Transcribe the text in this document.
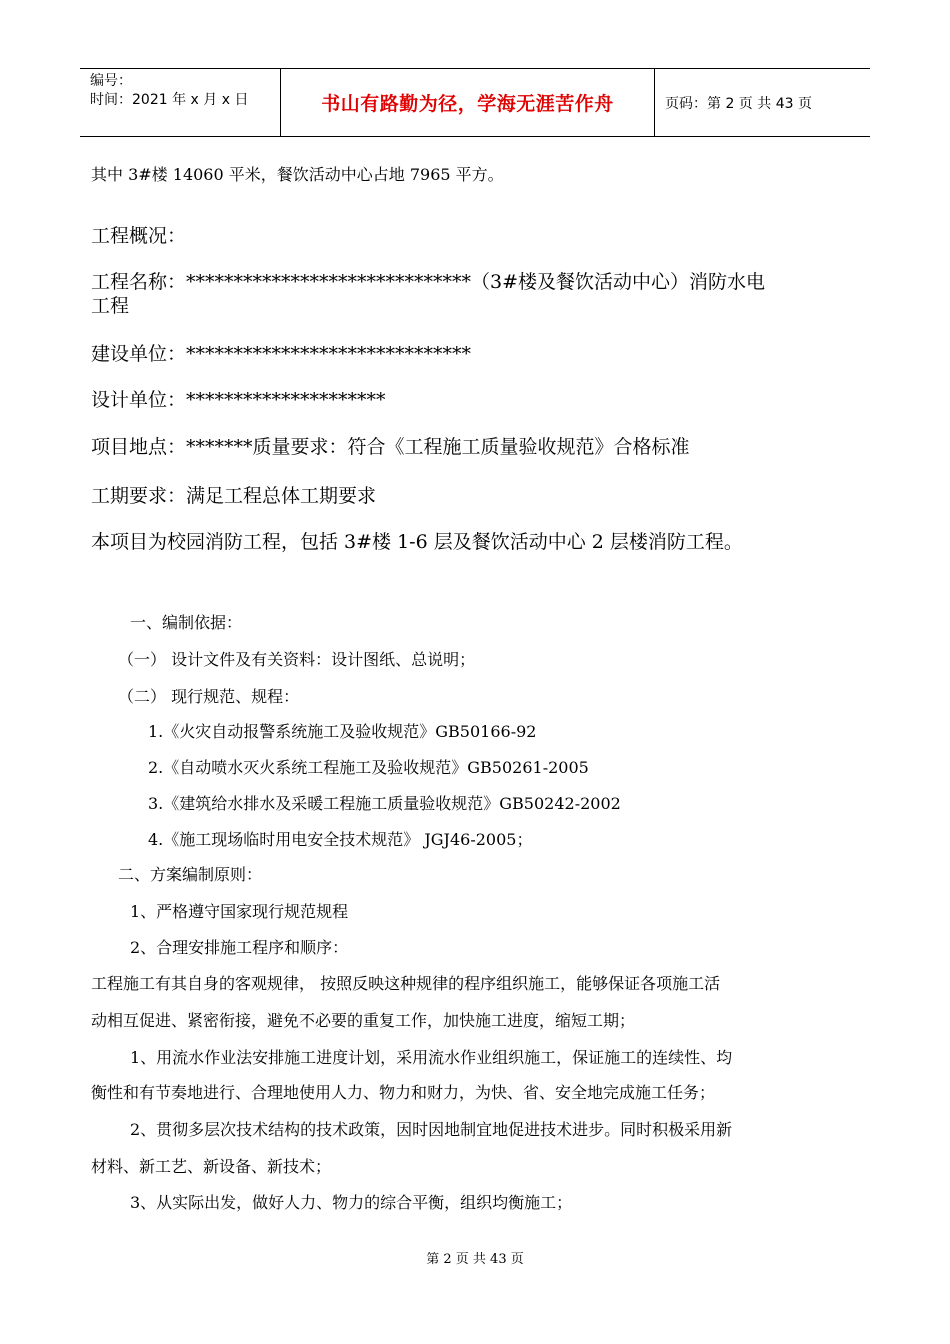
编号：
时间：2021 年 x 月 x 日	书山有路勤为径，学海无涯苦作舟	页码：第 2 页 共 43 页
其中 3#楼 14060 平米，餐饮活动中心占地 7965 平方。
工程概况：
工程名称：******************************（3#楼及餐饮活动中心）消防水电
工程
建设单位：******************************
设计单位：*********************
项目地点：*******质量要求：符合《工程施工质量验收规范》合格标准
工期要求：满足工程总体工期要求
本项目为校园消防工程，包括 3#楼 1-6 层及餐饮活动中心 2 层楼消防工程。
一、编制依据：
（一） 设计文件及有关资料：设计图纸、总说明；
（二） 现行规范、规程：
1.《火灾自动报警系统施工及验收规范》GB50166-92
2.《自动喷水灭火系统工程施工及验收规范》GB50261-2005
3.《建筑给水排水及采暖工程施工质量验收规范》GB50242-2002
4.《施工现场临时用电安全技术规范》 JGJ46-2005；
二、方案编制原则：
1、严格遵守国家现行规范规程
2、合理安排施工程序和顺序：
工程施工有其自身的客观规律， 按照反映这种规律的程序组织施工，能够保证各项施工活
动相互促进、紧密衔接，避免不必要的重复工作，加快施工进度，缩短工期；
1、用流水作业法安排施工进度计划，采用流水作业组织施工，保证施工的连续性、均
衡性和有节奏地进行、合理地使用人力、物力和财力，为快、省、安全地完成施工任务；
2、贯彻多层次技术结构的技术政策，因时因地制宜地促进技术进步。同时积极采用新
材料、新工艺、新设备、新技术；
3、从实际出发，做好人力、物力的综合平衡，组织均衡施工；
第 2 页 共 43 页
